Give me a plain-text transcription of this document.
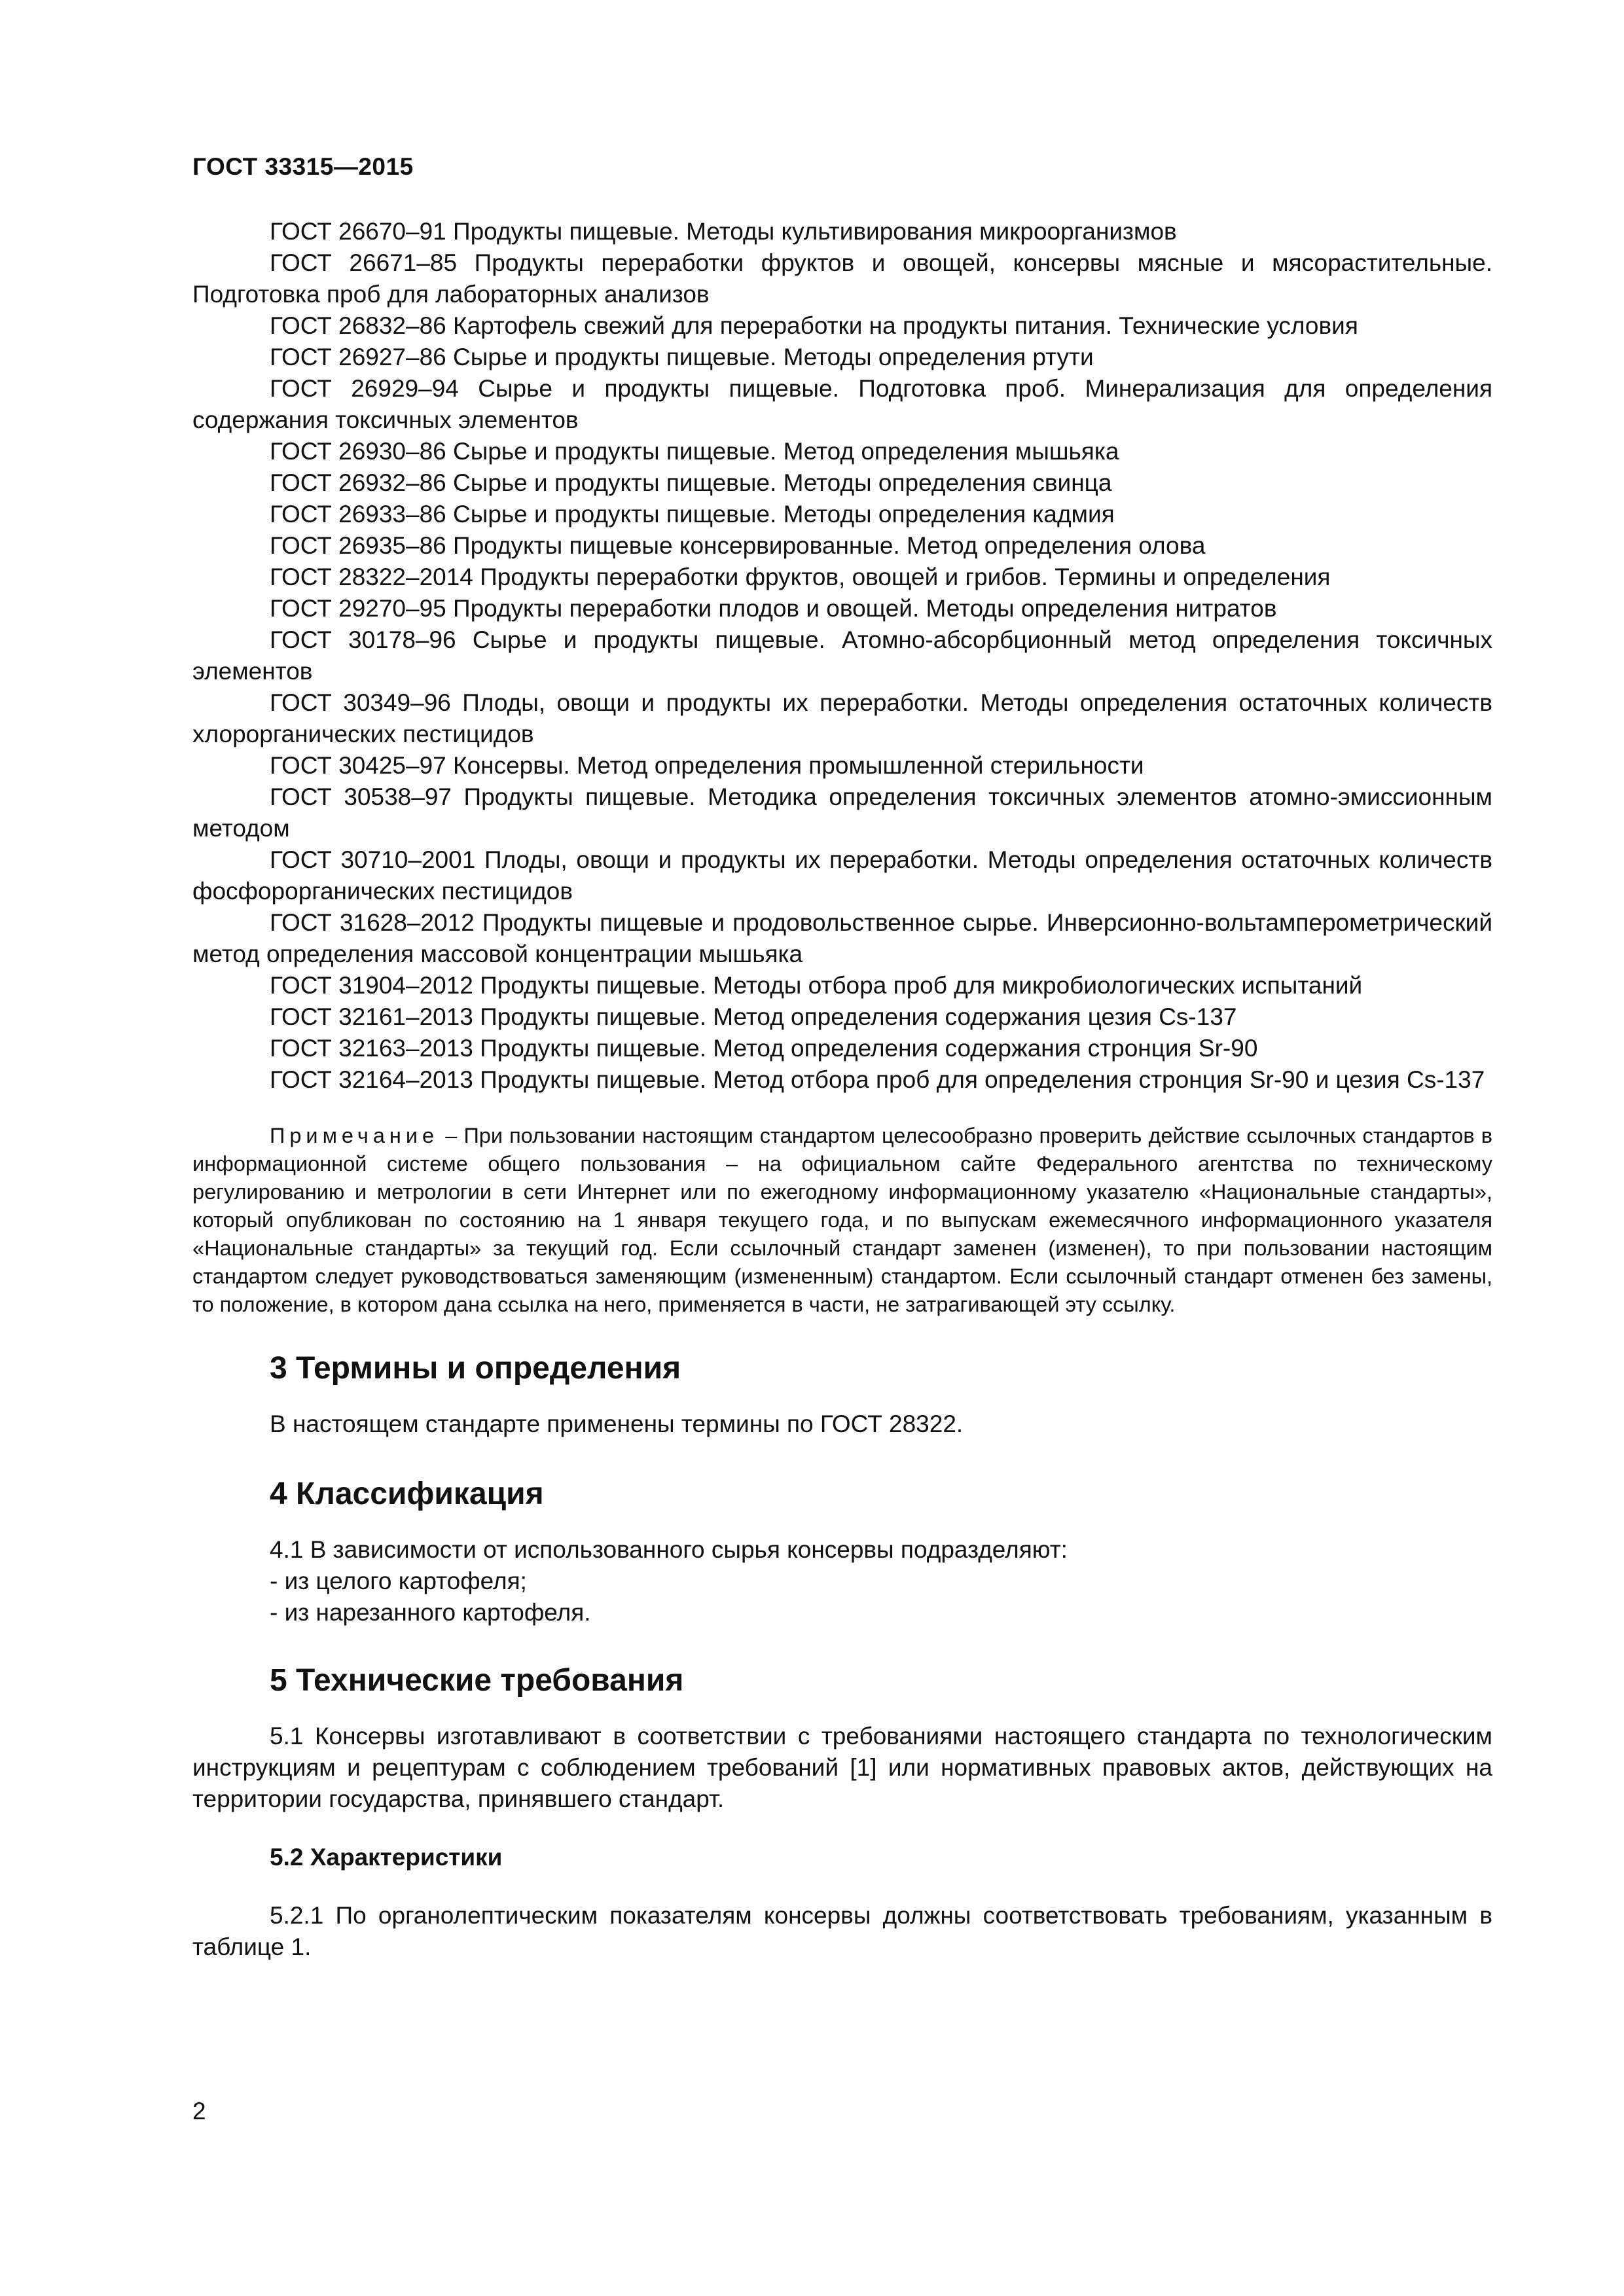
ГОСТ 33315—2015

ГОСТ 26670–91 Продукты пищевые. Методы культивирования микроорганизмов

ГОСТ 26671–85 Продукты переработки фруктов и овощей, консервы мясные и мясорастительные. Подготовка проб для лабораторных анализов

ГОСТ 26832–86 Картофель свежий для переработки на продукты питания. Технические условия

ГОСТ 26927–86 Сырье и продукты пищевые. Методы определения ртути

ГОСТ 26929–94 Сырье и продукты пищевые. Подготовка проб. Минерализация для определения содержания токсичных элементов

ГОСТ 26930–86 Сырье и продукты пищевые. Метод определения мышьяка

ГОСТ 26932–86 Сырье и продукты пищевые. Методы определения свинца

ГОСТ 26933–86 Сырье и продукты пищевые. Методы определения кадмия

ГОСТ 26935–86 Продукты пищевые консервированные. Метод определения олова

ГОСТ 28322–2014 Продукты переработки фруктов, овощей и грибов. Термины и определения

ГОСТ 29270–95 Продукты переработки плодов и овощей. Методы определения нитратов

ГОСТ 30178–96 Сырье и продукты пищевые. Атомно-абсорбционный метод определения токсичных элементов

ГОСТ 30349–96 Плоды, овощи и продукты их переработки. Методы определения остаточных количеств хлорорганических пестицидов

ГОСТ 30425–97 Консервы. Метод определения промышленной стерильности

ГОСТ 30538–97 Продукты пищевые. Методика определения токсичных элементов атомно-эмиссионным методом

ГОСТ 30710–2001 Плоды, овощи и продукты их переработки. Методы определения остаточных количеств фосфорорганических пестицидов

ГОСТ 31628–2012 Продукты пищевые и продовольственное сырье. Инверсионно-вольтамперометрический метод определения массовой концентрации мышьяка

ГОСТ 31904–2012 Продукты пищевые. Методы отбора проб для микробиологических испытаний

ГОСТ 32161–2013 Продукты пищевые. Метод определения содержания цезия Cs-137

ГОСТ 32163–2013 Продукты пищевые. Метод определения содержания стронция Sr-90

ГОСТ 32164–2013 Продукты пищевые. Метод отбора проб для определения стронция Sr-90 и цезия Cs-137

Примечание – При пользовании настоящим стандартом целесообразно проверить действие ссылочных стандартов в информационной системе общего пользования – на официальном сайте Федерального агентства по техническому регулированию и метрологии в сети Интернет или по ежегодному информационному указателю «Национальные стандарты», который опубликован по состоянию на 1 января текущего года, и по выпускам ежемесячного информационного указателя «Национальные стандарты» за текущий год. Если ссылочный стандарт заменен (изменен), то при пользовании настоящим стандартом следует руководствоваться заменяющим (измененным) стандартом. Если ссылочный стандарт отменен без замены, то положение, в котором дана ссылка на него, применяется в части, не затрагивающей эту ссылку.

3 Термины и определения

В настоящем стандарте применены термины по ГОСТ 28322.

4 Классификация

4.1 В зависимости от использованного сырья консервы подразделяют:

- из целого картофеля;

- из нарезанного картофеля.

5 Технические требования

5.1 Консервы изготавливают в соответствии с требованиями настоящего стандарта по технологическим инструкциям и рецептурам с соблюдением требований [1] или нормативных правовых актов, действующих на территории государства, принявшего стандарт.

5.2 Характеристики

5.2.1 По органолептическим показателям консервы должны соответствовать требованиям, указанным в таблице 1.

2
